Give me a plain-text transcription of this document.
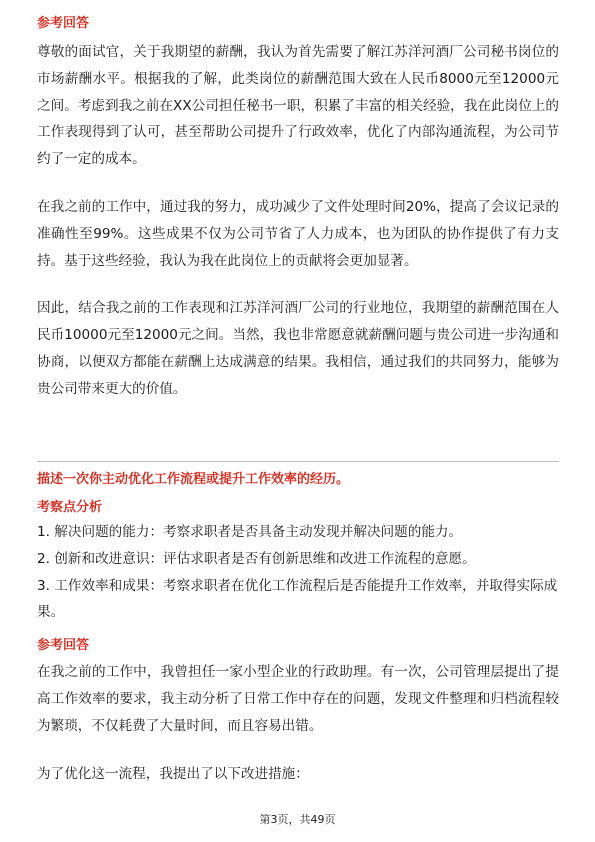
参考回答

尊敬的面试官，关于我期望的薪酬，我认为首先需要了解江苏洋河酒厂公司秘书岗位的市场薪酬水平。根据我的了解，此类岗位的薪酬范围大致在人民币8000元至12000元之间。考虑到我之前在XX公司担任秘书一职，积累了丰富的相关经验，我在此岗位上的工作表现得到了认可，甚至帮助公司提升了行政效率，优化了内部沟通流程，为公司节约了一定的成本。

在我之前的工作中，通过我的努力，成功减少了文件处理时间20%，提高了会议记录的准确性至99%。这些成果不仅为公司节省了人力成本，也为团队的协作提供了有力支持。基于这些经验，我认为我在此岗位上的贡献将会更加显著。

因此，结合我之前的工作表现和江苏洋河酒厂公司的行业地位，我期望的薪酬范围在人民币10000元至12000元之间。当然，我也非常愿意就薪酬问题与贵公司进一步沟通和协商，以便双方都能在薪酬上达成满意的结果。我相信，通过我们的共同努力，能够为贵公司带来更大的价值。

描述一次你主动优化工作流程或提升工作效率的经历。

考察点分析

1. 解决问题的能力：考察求职者是否具备主动发现并解决问题的能力。

2. 创新和改进意识：评估求职者是否有创新思维和改进工作流程的意愿。

3. 工作效率和成果：考察求职者在优化工作流程后是否能提升工作效率，并取得实际成果。

参考回答

在我之前的工作中，我曾担任一家小型企业的行政助理。有一次，公司管理层提出了提高工作效率的要求，我主动分析了日常工作中存在的问题，发现文件整理和归档流程较为繁琐，不仅耗费了大量时间，而且容易出错。

为了优化这一流程，我提出了以下改进措施：

第3页，共49页
